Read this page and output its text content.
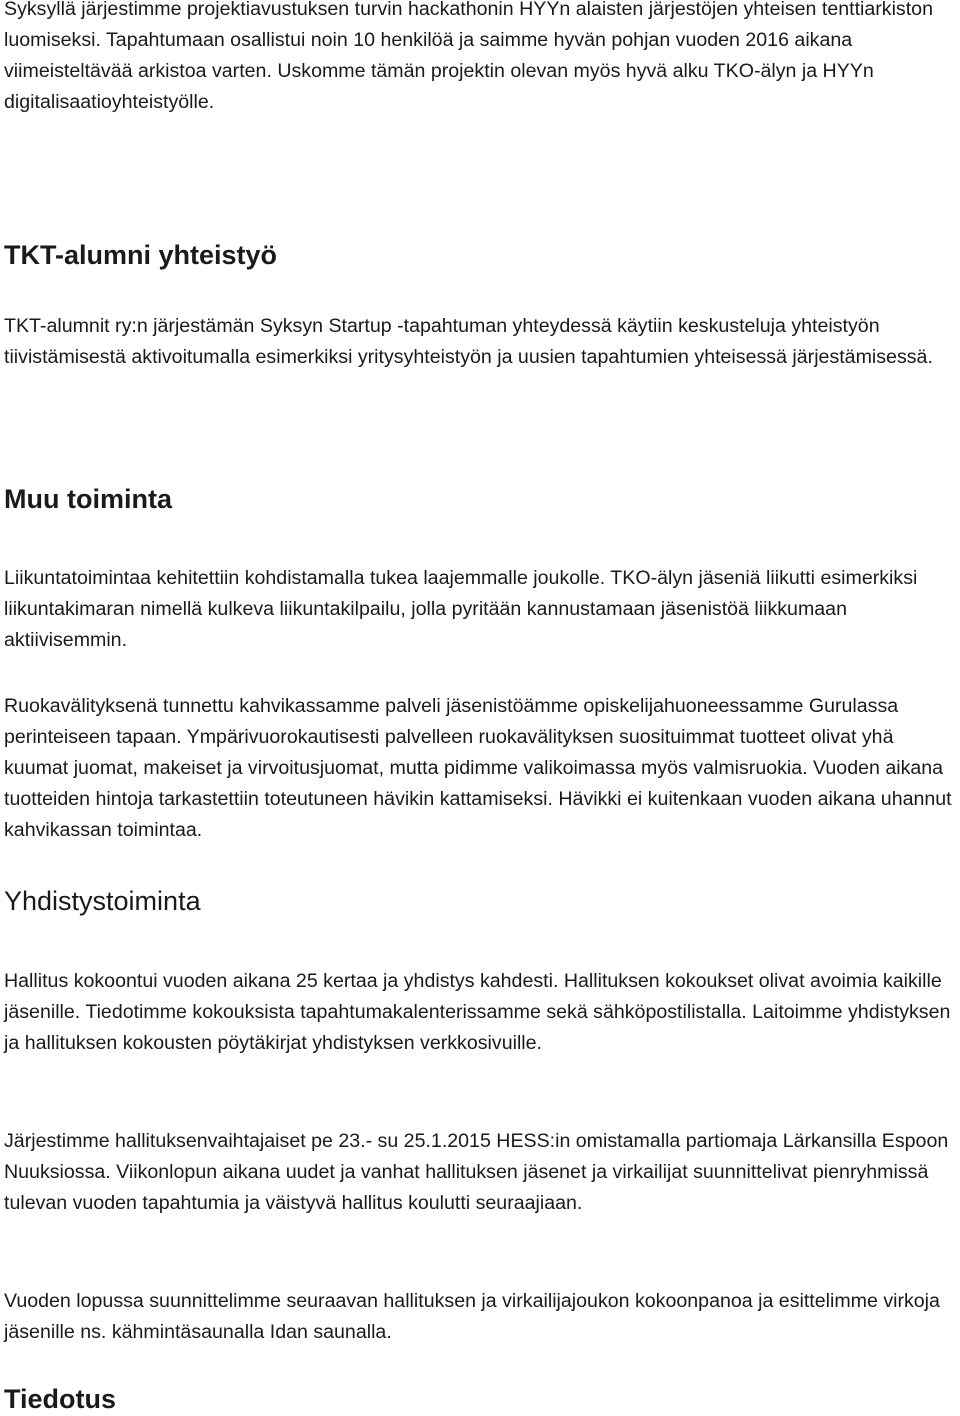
Syksyllä järjestimme projektiavustuksen turvin hackathonin HYYn alaisten järjestöjen yhteisen tenttiarkiston luomiseksi. Tapahtumaan osallistui noin 10 henkilöä ja saimme hyvän pohjan vuoden 2016 aikana viimeisteltävää arkistoa varten. Uskomme tämän projektin olevan myös hyvä alku TKO-älyn ja HYYn digitalisaatioyhteistyölle.

TKT-alumni yhteistyö

TKT-alumnit ry:n järjestämän Syksyn Startup -tapahtuman yhteydessä käytiin keskusteluja yhteistyön tiivistämisestä aktivoitumalla esimerkiksi yritysyhteistyön ja uusien tapahtumien yhteisessä järjestämisessä.

Muu toiminta

Liikuntatoimintaa kehitettiin kohdistamalla tukea laajemmalle joukolle. TKO-älyn jäseniä liikutti esimerkiksi liikuntakimaran nimellä kulkeva liikuntakilpailu, jolla pyritään kannustamaan jäsenistöä liikkumaan aktiivisemmin.

Ruokavälityksenä tunnettu kahvikassamme palveli jäsenistöämme opiskelijahuoneessamme Gurulassa perinteiseen tapaan. Ympärivuorokautisesti palvelleen ruokavälityksen suosituimmat tuotteet olivat yhä kuumat juomat, makeiset ja virvoitusjuomat, mutta pidimme valikoimassa myös valmisruokia. Vuoden aikana tuotteiden hintoja tarkastettiin toteutuneen hävikin kattamiseksi. Hävikki ei kuitenkaan vuoden aikana uhannut kahvikassan toimintaa.

Yhdistystoiminta

Hallitus kokoontui vuoden aikana 25 kertaa ja yhdistys kahdesti. Hallituksen kokoukset olivat avoimia kaikille jäsenille. Tiedotimme kokouksista tapahtumakalenterissamme sekä sähköpostilistalla. Laitoimme yhdistyksen ja hallituksen kokousten pöytäkirjat yhdistyksen verkkosivuille.

Järjestimme hallituksenvaihtajaiset pe 23.- su 25.1.2015 HESS:in omistamalla partiomaja Lärkansilla Espoon Nuuksiossa. Viikonlopun aikana uudet ja vanhat hallituksen jäsenet ja virkailijat suunnittelivat pienryhmissä tulevan vuoden tapahtumia ja väistyvä hallitus koulutti seuraajiaan.

Vuoden lopussa suunnittelimme seuraavan hallituksen ja virkailijajoukon kokoonpanoa ja esittelimme virkoja jäsenille ns. kähmintäsaunalla Idan saunalla.

Tiedotus
